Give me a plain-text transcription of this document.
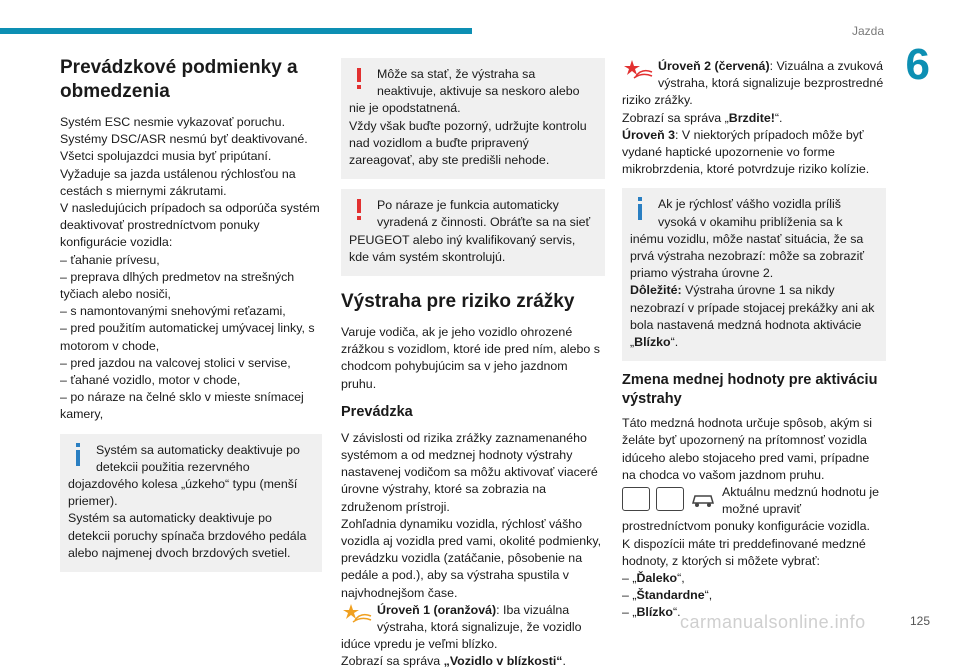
Jazda
6
Prevádzkové podmienky a obmedzenia

Systém ESC nesmie vykazovať poruchu.

Systémy DSC/ASR nesmú byť deaktivované.

Všetci spolujazdci musia byť pripútaní.

Vyžaduje sa jazda ustálenou rýchlosťou na cestách s miernymi zákrutami.

V nasledujúcich prípadoch sa odporúča systém deaktivovať prostredníctvom ponuky konfigurácie vozidla:

– ťahanie prívesu,

– preprava dlhých predmetov na strešných tyčiach alebo nosiči,

– s namontovanými snehovými reťazami,

– pred použitím automatickej umývacej linky, s motorom v chode,

– pred jazdou na valcovej stolici v servise,

– ťahané vozidlo, motor v chode,

– po náraze na čelné sklo v mieste snímacej kamery,

Systém sa automaticky deaktivuje po detekcii použitia rezervného dojazdového kolesa „úzkeho“ typu (menší priemer).

Systém sa automaticky deaktivuje po detekcii poruchy spínača brzdového pedála alebo najmenej dvoch brzdových svetiel.

Môže sa stať, že výstraha sa neaktivuje, aktivuje sa neskoro alebo nie je opodstatnená.

Vždy však buďte pozorný, udržujte kontrolu nad vozidlom a buďte pripravený zareagovať, aby ste predišli nehode.

Po náraze je funkcia automaticky vyradená z činnosti. Obráťte sa na sieť PEUGEOT alebo iný kvalifikovaný servis, kde vám systém skontrolujú.

Výstraha pre riziko zrážky

Varuje vodiča, ak je jeho vozidlo ohrozené zrážkou s vozidlom, ktoré ide pred ním, alebo s chodcom pohybujúcim sa v jeho jazdnom pruhu.

Prevádzka

V závislosti od rizika zrážky zaznamenaného systémom a od medznej hodnoty výstrahy nastavenej vodičom sa môžu aktivovať viaceré úrovne výstrahy, ktoré sa zobrazia na združenom prístroji.

Zohľadnia dynamiku vozidla, rýchlosť vášho vozidla aj vozidla pred vami, okolité podmienky, prevádzku vozidla (zatáčanie, pôsobenie na pedále a pod.), aby sa výstraha spustila v najvhodnejšom čase.

Úroveň 1 (oranžová): Iba vizuálna výstraha, ktorá signalizuje, že vozidlo idúce vpredu je veľmi blízko.

Zobrazí sa správa „Vozidlo v blízkosti“.

Úroveň 2 (červená): Vizuálna a zvuková výstraha, ktorá signalizuje bezprostredné riziko zrážky.

Zobrazí sa správa „Brzdite!“.

Úroveň 3: V niektorých prípadoch môže byť vydané haptické upozornenie vo forme mikrobrzdenia, ktoré potvrdzuje riziko kolízie.

Ak je rýchlosť vášho vozidla príliš vysoká v okamihu priblíženia sa k inému vozidlu, môže nastať situácia, že sa prvá výstraha nezobrazí: môže sa zobraziť priamo výstraha úrovne 2.

Dôležité: Výstraha úrovne 1 sa nikdy nezobrazí v prípade stojacej prekážky ani ak bola nastavená medzná hodnota aktivácie „Blízko“.

Zmena mednej hodnoty pre aktiváciu výstrahy

Táto medzná hodnota určuje spôsob, akým si želáte byť upozornený na prítomnosť vozidla idúceho alebo stojaceho pred vami, prípadne na chodca vo vašom jazdnom pruhu.

Aktuálnu medznú hodnotu je možné upraviť prostredníctvom ponuky konfigurácie vozidla.

K dispozícii máte tri preddefinované medzné hodnoty, z ktorých si môžete vybrať:

– „Ďaleko“,

– „Štandardne“,

– „Blízko“. carmanualsonline.info	125
